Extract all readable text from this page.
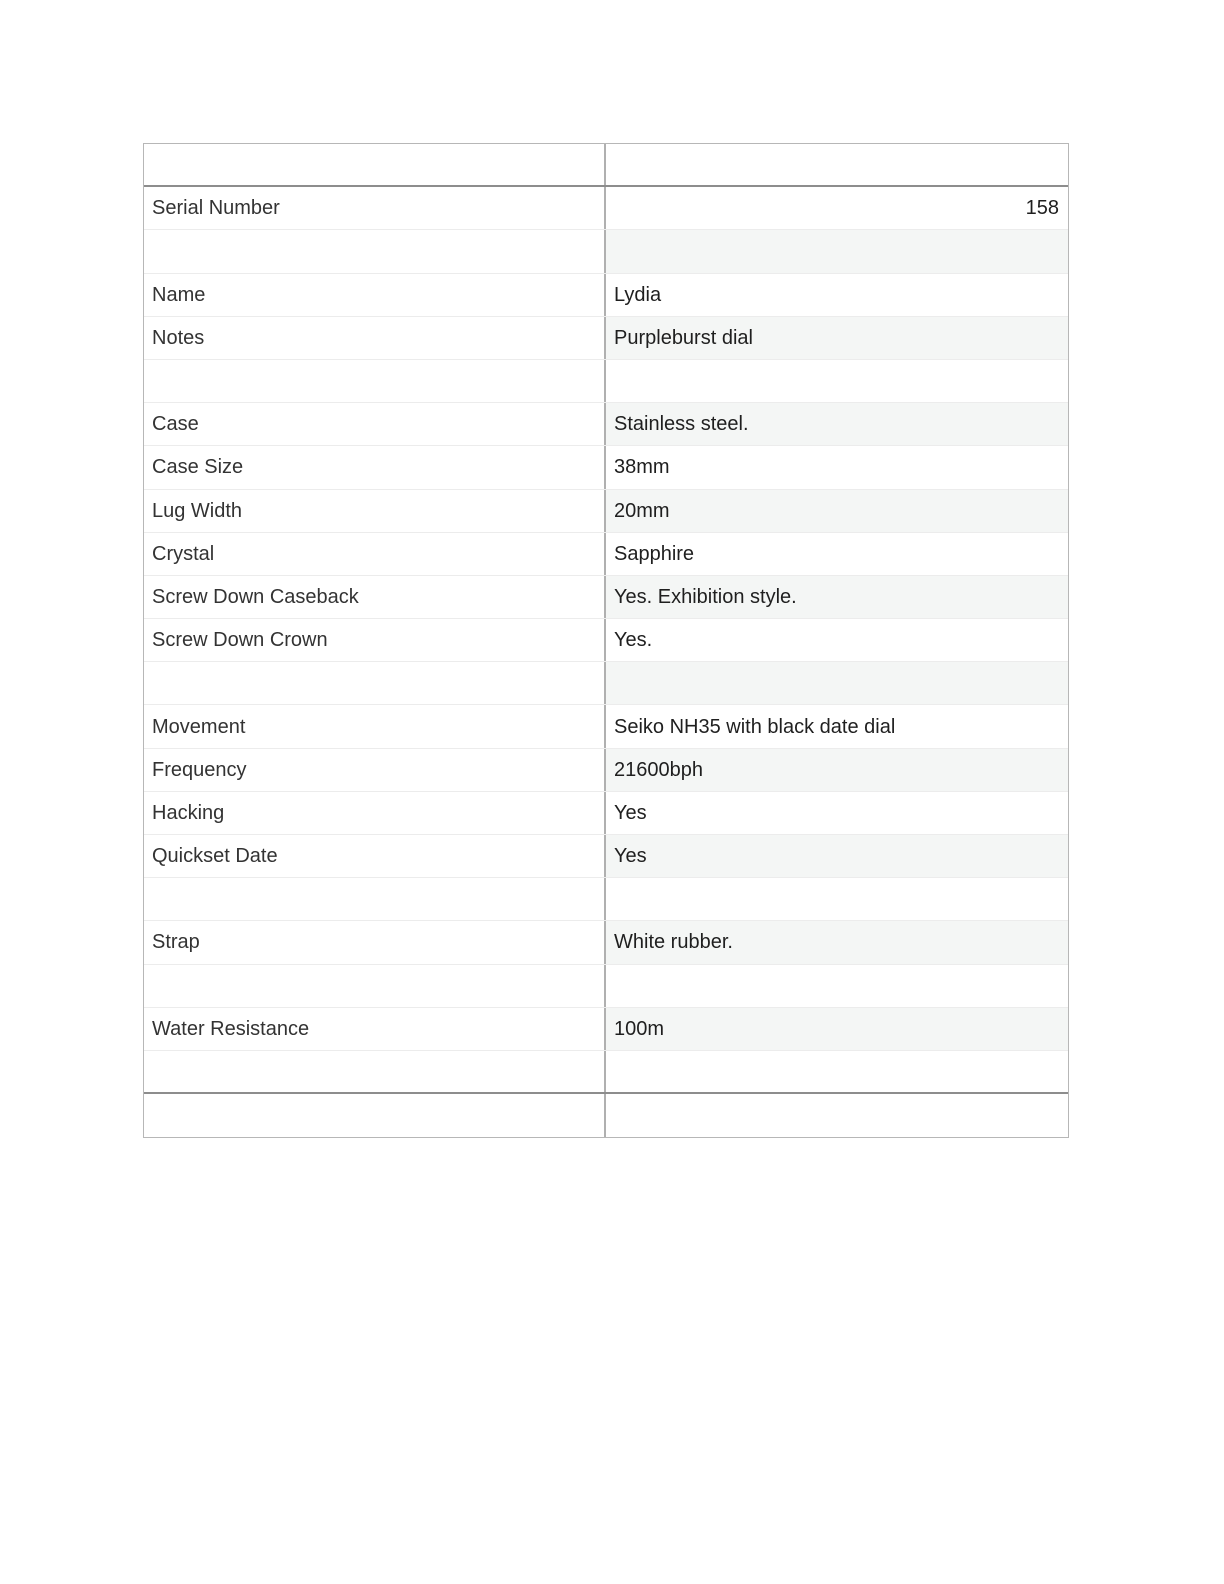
Serial Number	158
Name	Lydia
Notes	Purpleburst dial
Case	Stainless steel.
Case Size	38mm
Lug Width	20mm
Crystal	Sapphire
Screw Down Caseback	Yes. Exhibition style.
Screw Down Crown	Yes.
Movement	Seiko NH35 with black date dial
Frequency	21600bph
Hacking	Yes
Quickset Date	Yes
Strap	White rubber.
Water Resistance	100m
